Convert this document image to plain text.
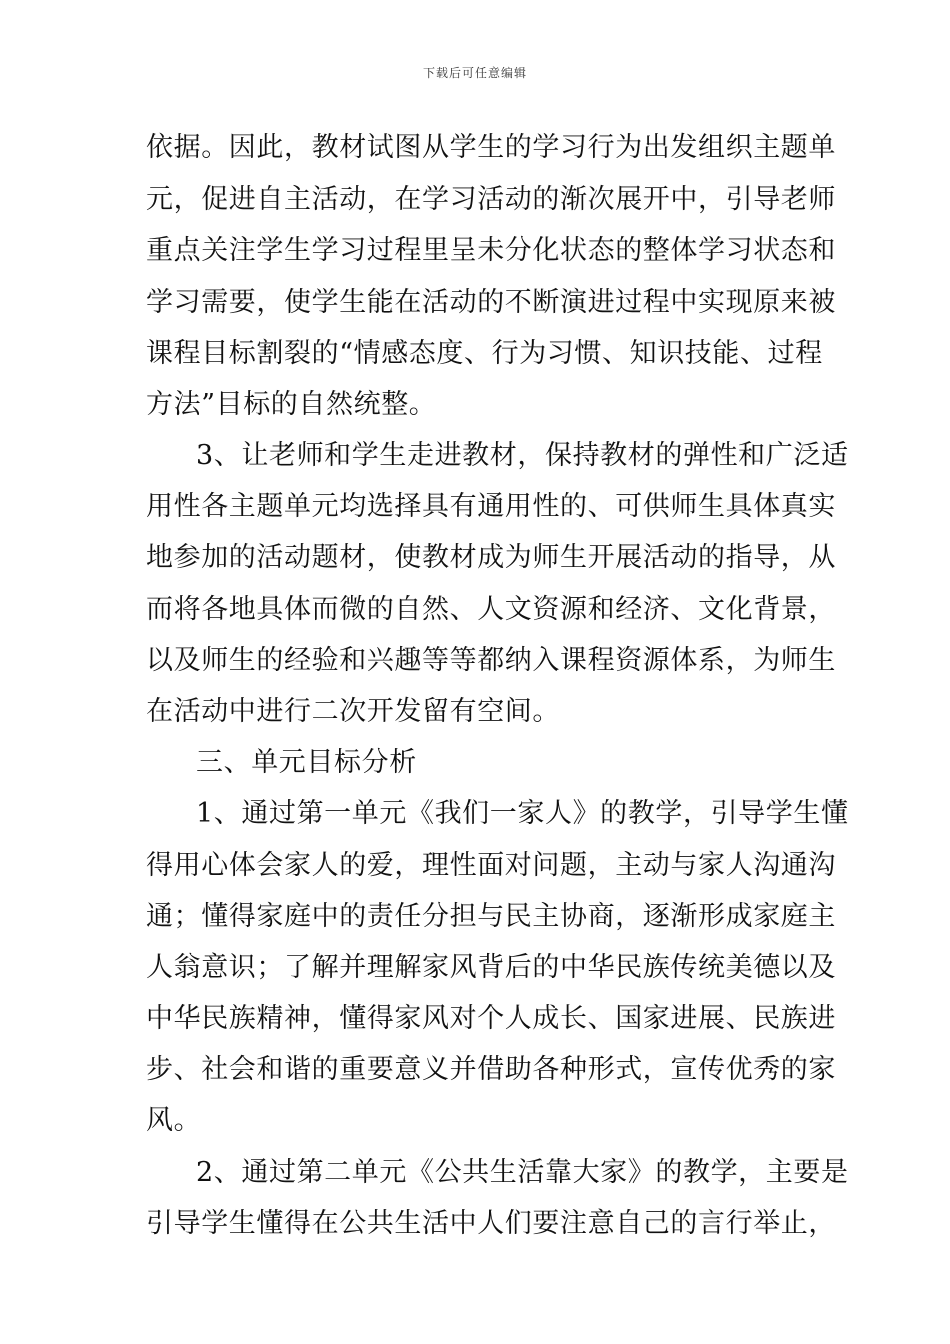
下载后可任意编辑
依据。因此，教材试图从学生的学习行为出发组织主题单
元，促进自主活动，在学习活动的渐次展开中，引导老师
重点关注学生学习过程里呈未分化状态的整体学习状态和
学习需要，使学生能在活动的不断演进过程中实现原来被
课程目标割裂的“情感态度、行为习惯、知识技能、过程
方法”目标的自然统整。
3、让老师和学生走进教材，保持教材的弹性和广泛适
用性各主题单元均选择具有通用性的、可供师生具体真实
地参加的活动题材，使教材成为师生开展活动的指导，从
而将各地具体而微的自然、人文资源和经济、文化背景，
以及师生的经验和兴趣等等都纳入课程资源体系，为师生
在活动中进行二次开发留有空间。
三、单元目标分析
1、通过第一单元《我们一家人》的教学，引导学生懂
得用心体会家人的爱，理性面对问题，主动与家人沟通沟
通；懂得家庭中的责任分担与民主协商，逐渐形成家庭主
人翁意识；了解并理解家风背后的中华民族传统美德以及
中华民族精神，懂得家风对个人成长、国家进展、民族进
步、社会和谐的重要意义并借助各种形式，宣传优秀的家
风。
2、通过第二单元《公共生活靠大家》的教学，主要是
引导学生懂得在公共生活中人们要注意自己的言行举止，
